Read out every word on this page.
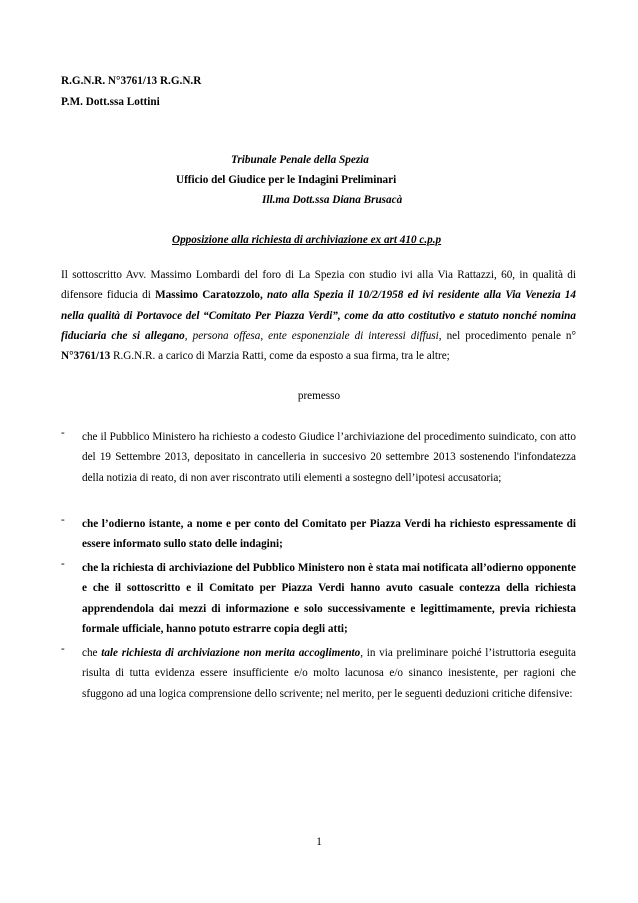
R.G.N.R. N°3761/13 R.G.N.R
P.M. Dott.ssa Lottini
Tribunale Penale della Spezia
Ufficio del Giudice per le Indagini Preliminari
Ill.ma Dott.ssa Diana Brusacà
Opposizione alla richiesta di archiviazione ex art 410 c.p.p
Il sottoscritto Avv. Massimo Lombardi del foro di La Spezia con studio ivi alla Via Rattazzi, 60, in qualità di difensore fiducia di Massimo Caratozzolo, nato alla Spezia il 10/2/1958 ed ivi residente alla Via Venezia 14 nella qualità di Portavoce del “Comitato Per Piazza Verdi”, come da atto costitutivo e statuto nonché nomina fiduciaria che si allegano, persona offesa, ente esponenziale di interessi diffusi, nel procedimento penale n° N°3761/13 R.G.N.R. a carico di Marzia Ratti, come da esposto a sua firma, tra le altre;
premesso
-	che il Pubblico Ministero ha richiesto a codesto Giudice l’archiviazione del procedimento suindicato, con atto del 19 Settembre 2013, depositato in cancelleria in succesivo 20 settembre 2013 sostenendo l'infondatezza della notizia di reato, di non aver riscontrato utili elementi a sostegno dell’ipotesi accusatoria;
-	che l’odierno istante, a nome e per conto del Comitato per Piazza Verdi ha richiesto espressamente di essere informato sullo stato delle indagini;
-	che la richiesta di archiviazione del Pubblico Ministero non è stata mai notificata all’odierno opponente e che il sottoscritto e il Comitato per Piazza Verdi hanno avuto casuale contezza della richiesta apprendendola dai mezzi di informazione e solo successivamente e legittimamente, previa richiesta formale ufficiale, hanno potuto estrarre copia degli atti;
-	che tale richiesta di archiviazione non merita accoglimento, in via preliminare poiché l’istruttoria eseguita risulta di tutta evidenza essere insufficiente e/o molto lacunosa e/o sinanco inesistente, per ragioni che sfuggono ad una logica comprensione dello scrivente; nel merito, per le seguenti deduzioni critiche difensive:
1
